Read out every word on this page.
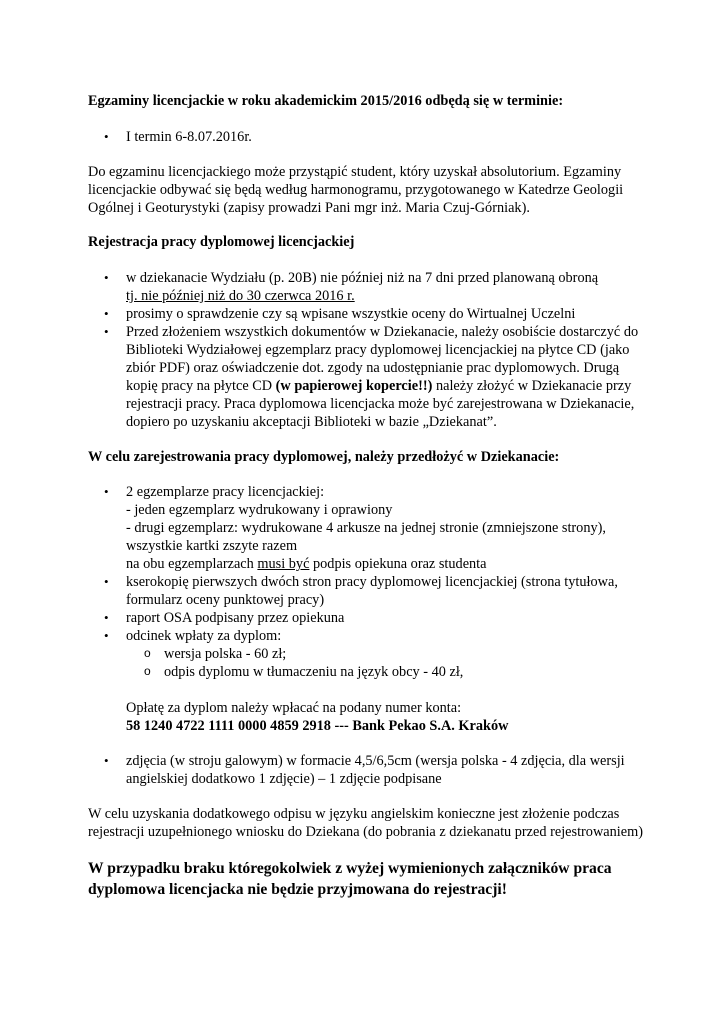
Egzaminy licencjackie w roku akademickim 2015/2016 odbędą się w terminie:

• I termin 6-8.07.2016r.

Do egzaminu licencjackiego może przystąpić student, który uzyskał absolutorium. Egzaminy licencjackie odbywać się będą według harmonogramu, przygotowanego w Katedrze Geologii Ogólnej i Geoturystyki (zapisy prowadzi Pani mgr inż. Maria Czuj-Górniak).

Rejestracja pracy dyplomowej licencjackiej

• w dziekanacie Wydziału (p. 20B) nie później niż na 7 dni przed planowaną obroną
tj. nie później niż do 30 czerwca 2016 r.
• prosimy o sprawdzenie czy są wpisane wszystkie oceny do Wirtualnej Uczelni
• Przed złożeniem wszystkich dokumentów w Dziekanacie, należy osobiście dostarczyć do Biblioteki Wydziałowej egzemplarz pracy dyplomowej licencjackiej na płytce CD (jako zbiór PDF) oraz oświadczenie dot. zgody na udostępnianie prac dyplomowych. Drugą kopię pracy na płytce CD (w papierowej kopercie!!) należy złożyć w Dziekanacie przy rejestracji pracy. Praca dyplomowa licencjacka może być zarejestrowana w Dziekanacie, dopiero po uzyskaniu akceptacji Biblioteki w bazie „Dziekanat”.

W celu zarejestrowania pracy dyplomowej, należy przedłożyć w Dziekanacie:

• 2 egzemplarze pracy licencjackiej:
- jeden egzemplarz wydrukowany i oprawiony
- drugi egzemplarz: wydrukowane 4 arkusze na jednej stronie (zmniejszone strony), wszystkie kartki zszyte razem
na obu egzemplarzach musi być podpis opiekuna oraz studenta
• kserokopię pierwszych dwóch stron pracy dyplomowej licencjackiej (strona tytułowa, formularz oceny punktowej pracy)
• raport OSA podpisany przez opiekuna
• odcinek wpłaty za dyplom:
o wersja polska - 60 zł;
o odpis dyplomu w tłumaczeniu na język obcy - 40 zł,
Opłatę za dyplom należy wpłacać na podany numer konta:
58 1240 4722 1111 0000 4859 2918 --- Bank Pekao S.A. Kraków
• zdjęcia (w stroju galowym) w formacie 4,5/6,5cm (wersja polska - 4 zdjęcia, dla wersji angielskiej dodatkowo 1 zdjęcie) – 1 zdjęcie podpisane

W celu uzyskania dodatkowego odpisu w języku angielskim konieczne jest złożenie podczas rejestracji uzupełnionego wniosku do Dziekana (do pobrania z dziekanatu przed rejestrowaniem)

W przypadku braku któregokolwiek z wyżej wymienionych załączników praca dyplomowa licencjacka nie będzie przyjmowana do rejestracji!
